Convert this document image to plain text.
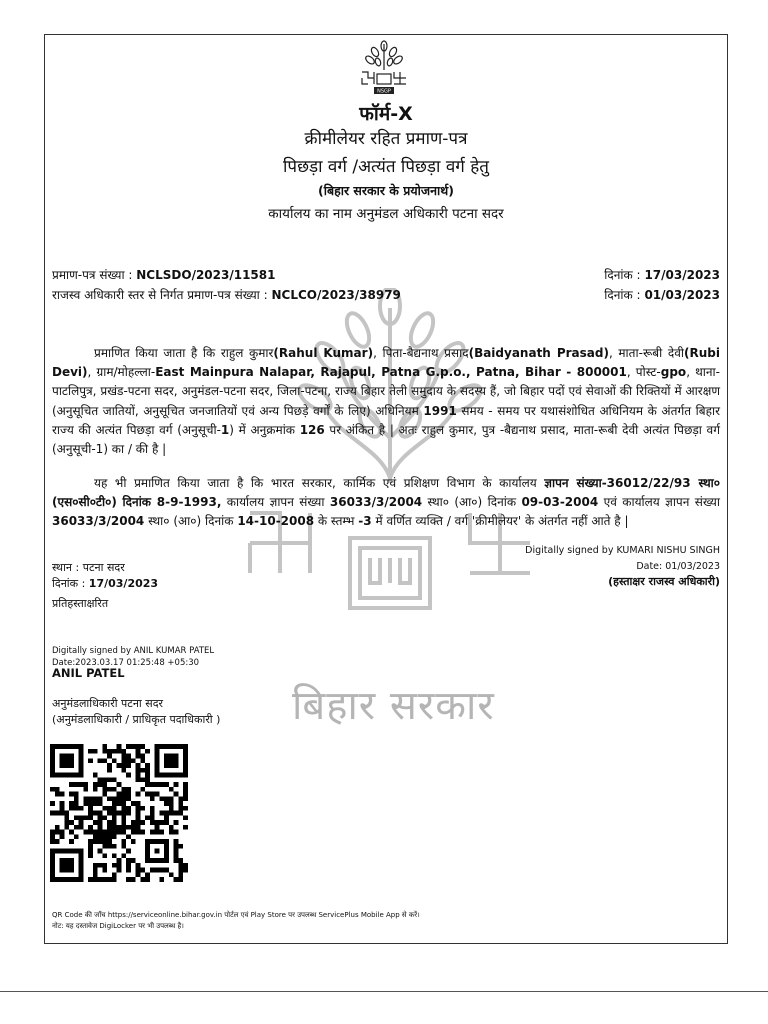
बिहार सरकार
NSGP
फॉर्म-X
क्रीमीलेयर रहित प्रमाण-पत्र
पिछड़ा वर्ग /अत्यंत पिछड़ा वर्ग हेतु
(बिहार सरकार के प्रयोजनार्थ)
कार्यालय का नाम अनुमंडल अधिकारी पटना सदर
प्रमाण-पत्र संख्या : NCLSDO/2023/11581	दिनांक : 17/03/2023
राजस्व अधिकारी स्तर से निर्गत प्रमाण-पत्र संख्या : NCLCO/2023/38979	दिनांक : 01/03/2023

प्रमाणित किया जाता है कि राहुल कुमार(Rahul Kumar), पिता-बैद्यनाथ प्रसाद(Baidyanath Prasad), माता-रूबी देवी(Rubi Devi), ग्राम/मोहल्ला-East Mainpura Nalapar, Rajapul, Patna G.p.o., Patna, Bihar - 800001, पोस्ट-gpo, थाना-पाटलिपुत्र, प्रखंड-पटना सदर, अनुमंडल-पटना सदर, जिला-पटना, राज्य बिहार तेली समुदाय के सदस्य हैं, जो बिहार पदों एवं सेवाओं की रिक्तियों में आरक्षण (अनुसूचित जातियों, अनुसूचित जनजातियों एवं अन्य पिछड़े वर्गों के लिए) अधिनियम 1991 समय - समय पर यथासंशोधित अधिनियम के अंतर्गत बिहार राज्य की अत्यंत पिछड़ा वर्ग (अनुसूची-1) में अनुक्रमांक 126 पर अंकित है | अतः राहुल कुमार, पुत्र -बैद्यनाथ प्रसाद, माता-रूबी देवी अत्यंत पिछड़ा वर्ग (अनुसूची-1) का / की है |

यह भी प्रमाणित किया जाता है कि भारत सरकार, कार्मिक एवं प्रशिक्षण विभाग के कार्यालय ज्ञापन संख्या-36012/22/93 स्था० (एस०सी०टी०) दिनांक 8-9-1993, कार्यालय ज्ञापन संख्या 36033/3/2004 स्था० (आ०) दिनांक 09-03-2004 एवं कार्यालय ज्ञापन संख्या 36033/3/2004 स्था० (आ०) दिनांक 14-10-2008 के स्तम्भ -3 में वर्णित व्यक्ति / वर्ग 'क्रीमीलेयर' के अंतर्गत नहीं आते है |

Digitally signed by KUMARI NISHU SINGH
Date: 01/03/2023
(हस्ताक्षर राजस्व अधिकारी)
स्थान : पटना सदर
दिनांक : 17/03/2023
प्रतिहस्ताक्षरित
Digitally signed by ANIL KUMAR PATEL
Date:2023.03.17 01:25:48 +05:30
ANIL PATEL
अनुमंडलाधिकारी पटना सदर
(अनुमंडलाधिकारी / प्राधिकृत पदाधिकारी )
QR Code की जाँच https://serviceonline.bihar.gov.in पोर्टल एवं Play Store पर उपलब्ध ServicePlus Mobile App से करें।
नोट: यह दस्तावेज DigiLocker पर भी उपलब्ध है।
